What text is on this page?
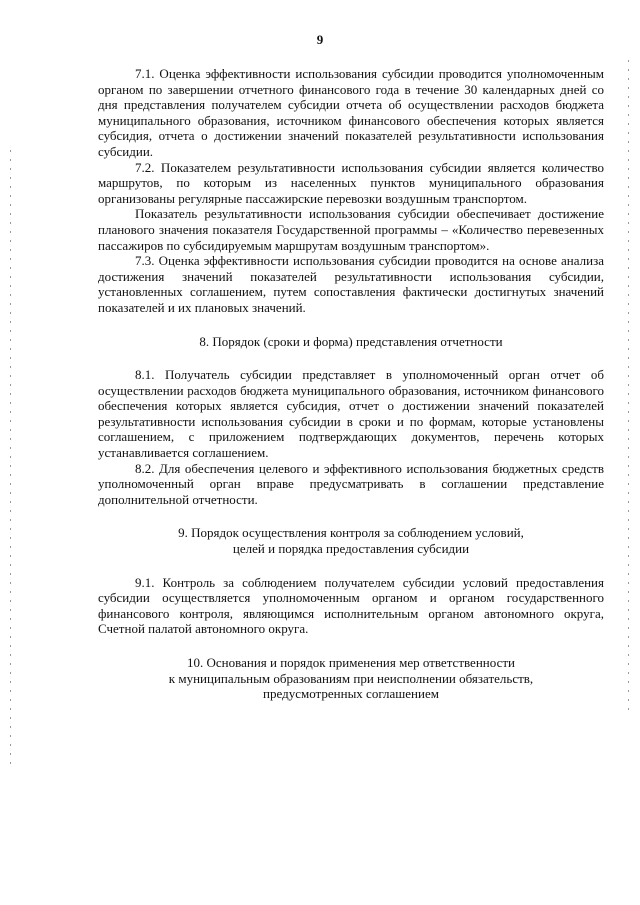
9

7.1. Оценка эффективности использования субсидии проводится уполномоченным органом по завершении отчетного финансового года в течение 30 календарных дней со дня представления получателем субсидии отчета об осуществлении расходов бюджета муниципального образования, источником финансового обеспечения которых является субсидия, отчета о достижении значений показателей результативности использования субсидии.

7.2. Показателем результативности использования субсидии является количество маршрутов, по которым из населенных пунктов муниципального образования организованы регулярные пассажирские перевозки воздушным транспортом.

Показатель результативности использования субсидии обеспечивает достижение планового значения показателя Государственной программы – «Количество перевезенных пассажиров по субсидируемым маршрутам воздушным транспортом».

7.3. Оценка эффективности использования субсидии проводится на основе анализа достижения значений показателей результативности использования субсидии, установленных соглашением, путем сопоставления фактически достигнутых значений показателей и их плановых значений.

8. Порядок (сроки и форма) представления отчетности

8.1. Получатель субсидии представляет в уполномоченный орган отчет об осуществлении расходов бюджета муниципального образования, источником финансового обеспечения которых является субсидия, отчет о достижении значений показателей результативности использования субсидии в сроки и по формам, которые установлены соглашением, с приложением подтверждающих документов, перечень которых устанавливается соглашением.

8.2. Для обеспечения целевого и эффективного использования бюджетных средств уполномоченный орган вправе предусматривать в соглашении представление дополнительной отчетности.

9. Порядок осуществления контроля за соблюдением условий,
целей и порядка предоставления субсидии

9.1. Контроль за соблюдением получателем субсидии условий предоставления субсидии осуществляется уполномоченным органом и органом государственного финансового контроля, являющимся исполнительным органом автономного округа, Счетной палатой автономного округа.

10. Основания и порядок применения мер ответственности
к муниципальным образованиям при неисполнении обязательств,
предусмотренных соглашением
